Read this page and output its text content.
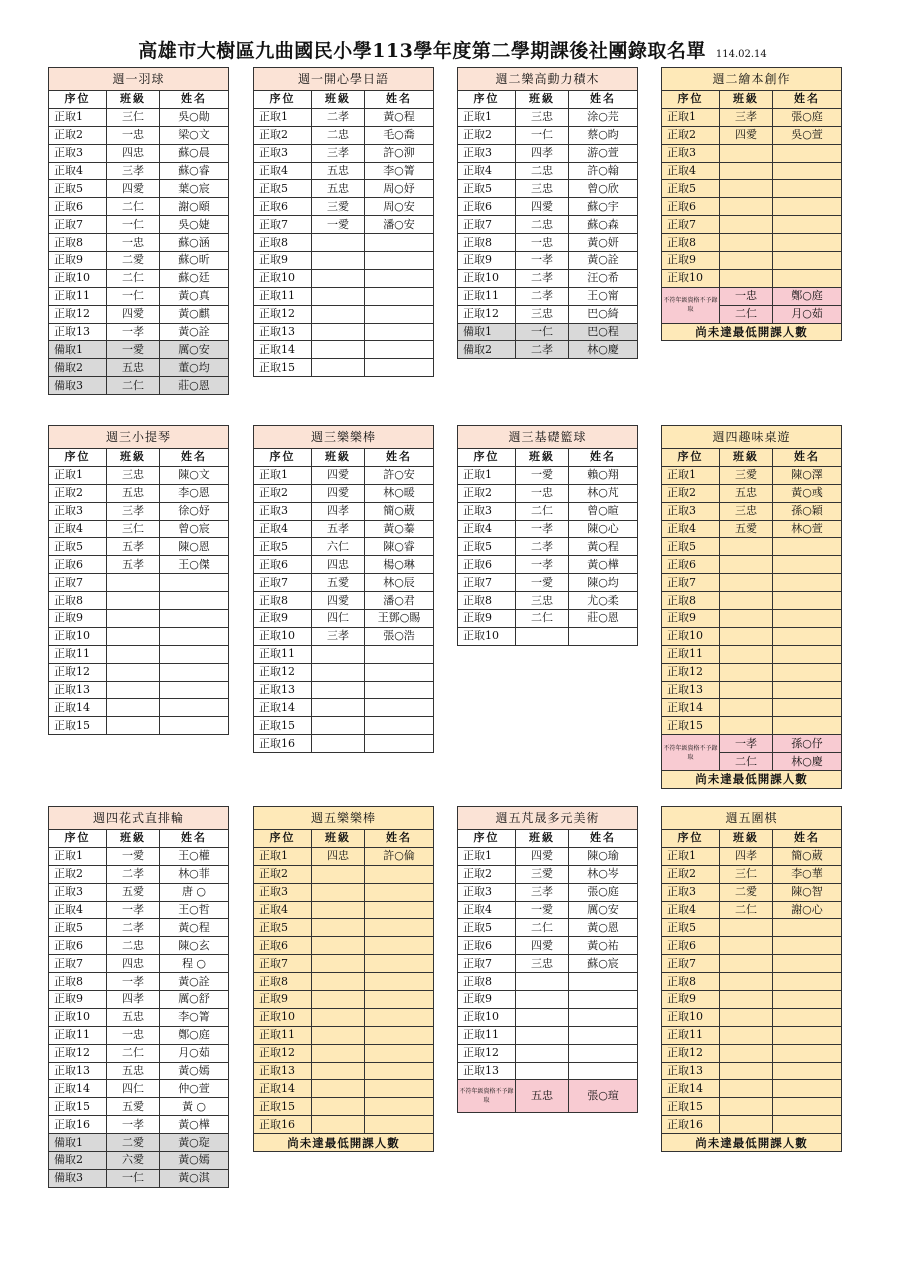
高雄市大樹區九曲國民小學113學年度第二學期課後社團錄取名單 114.02.14
週一羽球		
序位	班級	姓名
正取1	三仁	吳○勛
正取2	一忠	梁○文
正取3	四忠	蘇○晨
正取4	三孝	蘇○睿
正取5	四愛	葉○宸
正取6	二仁	謝○頤
正取7	一仁	吳○婕
正取8	一忠	蘇○涵
正取9	二愛	蘇○昕
正取10	二仁	蘇○廷
正取11	一仁	黃○真
正取12	四愛	黃○麒
正取13	一孝	黃○詮
備取1	一愛	厲○安
備取2	五忠	董○均
備取3	二仁	莊○恩
週一開心學日語		
序位	班級	姓名
正取1	二孝	黃○程
正取2	二忠	毛○喬
正取3	三孝	許○泖
正取4	五忠	李○箐
正取5	五忠	周○妤
正取6	三愛	周○安
正取7	一愛	潘○安
正取8		
正取9		
正取10		
正取11		
正取12		
正取13		
正取14		
正取15		
週二樂高動力積木		
序位	班級	姓名
正取1	三忠	涂○芫
正取2	一仁	蔡○昀
正取3	四孝	游○萱
正取4	二忠	許○翰
正取5	三忠	曾○欣
正取6	四愛	蘇○宇
正取7	二忠	蘇○森
正取8	一忠	黃○妍
正取9	一孝	黃○詮
正取10	二孝	汪○希
正取11	二孝	王○甯
正取12	三忠	巴○綺
備取1	一仁	巴○程
備取2	二孝	林○慶
週二繪本創作		
序位	班級	姓名
正取1	三孝	張○庭
正取2	四愛	吳○萱
正取3		
正取4		
正取5		
正取6		
正取7		
正取8		
正取9		
正取10		
不符年級資格不予錄取	一忠	鄭○庭
	二仁	月○茹
尚未達最低開課人數		
週三小提琴		
序位	班級	姓名
正取1	三忠	陳○文
正取2	五忠	李○恩
正取3	三孝	徐○妤
正取4	三仁	曾○宸
正取5	五孝	陳○恩
正取6	五孝	王○傑
正取7		
正取8		
正取9		
正取10		
正取11		
正取12		
正取13		
正取14		
正取15		
週三樂樂棒		
序位	班級	姓名
正取1	四愛	許○安
正取2	四愛	林○暖
正取3	四孝	簡○葳
正取4	五孝	黃○蓁
正取5	六仁	陳○睿
正取6	四忠	楊○琳
正取7	五愛	林○辰
正取8	四愛	潘○君
正取9	四仁	王鄧○賜
正取10	三孝	張○浩
正取11		
正取12		
正取13		
正取14		
正取15		
正取16		
週三基礎籃球		
序位	班級	姓名
正取1	一愛	賴○翔
正取2	一忠	林○芃
正取3	二仁	曾○暄
正取4	一孝	陳○心
正取5	二孝	黃○程
正取6	一孝	黃○樺
正取7	一愛	陳○均
正取8	三忠	尤○柔
正取9	二仁	莊○恩
正取10		
週四趣味桌遊		
序位	班級	姓名
正取1	三愛	陳○澤
正取2	五忠	黃○彧
正取3	三忠	孫○穎
正取4	五愛	林○萱
正取5		
正取6		
正取7		
正取8		
正取9		
正取10		
正取11		
正取12		
正取13		
正取14		
正取15		
不符年級資格不予錄取	一孝	孫○伃
	二仁	林○慶
尚未達最低開課人數		
週四花式直排輪		
序位	班級	姓名
正取1	一愛	王○權
正取2	二孝	林○菲
正取3	五愛	唐 ○
正取4	一孝	王○哲
正取5	二孝	黃○程
正取6	二忠	陳○玄
正取7	四忠	程 ○
正取8	一孝	黃○詮
正取9	四孝	厲○舒
正取10	五忠	李○箐
正取11	一忠	鄭○庭
正取12	二仁	月○茹
正取13	五忠	黃○嫣
正取14	四仁	仲○萱
正取15	五愛	黃 ○
正取16	一孝	黃○樺
備取1	二愛	黃○琁
備取2	六愛	黃○嫣
備取3	一仁	黃○淇
週五樂樂棒		
序位	班級	姓名
正取1	四忠	許○倫
正取2		
正取3		
正取4		
正取5		
正取6		
正取7		
正取8		
正取9		
正取10		
正取11		
正取12		
正取13		
正取14		
正取15		
正取16		
尚未達最低開課人數		
週五芃晟多元美術		
序位	班級	姓名
正取1	四愛	陳○瑜
正取2	三愛	林○岑
正取3	三孝	張○庭
正取4	一愛	厲○安
正取5	二仁	黃○恩
正取6	四愛	黃○祐
正取7	三忠	蘇○宸
正取8		
正取9		
正取10		
正取11		
正取12		
正取13		
不符年級資格不予錄取	五忠	張○瑄
週五圍棋		
序位	班級	姓名
正取1	四孝	簡○葳
正取2	三仁	李○華
正取3	二愛	陳○智
正取4	二仁	謝○心
正取5		
正取6		
正取7		
正取8		
正取9		
正取10		
正取11		
正取12		
正取13		
正取14		
正取15		
正取16		
尚未達最低開課人數		
